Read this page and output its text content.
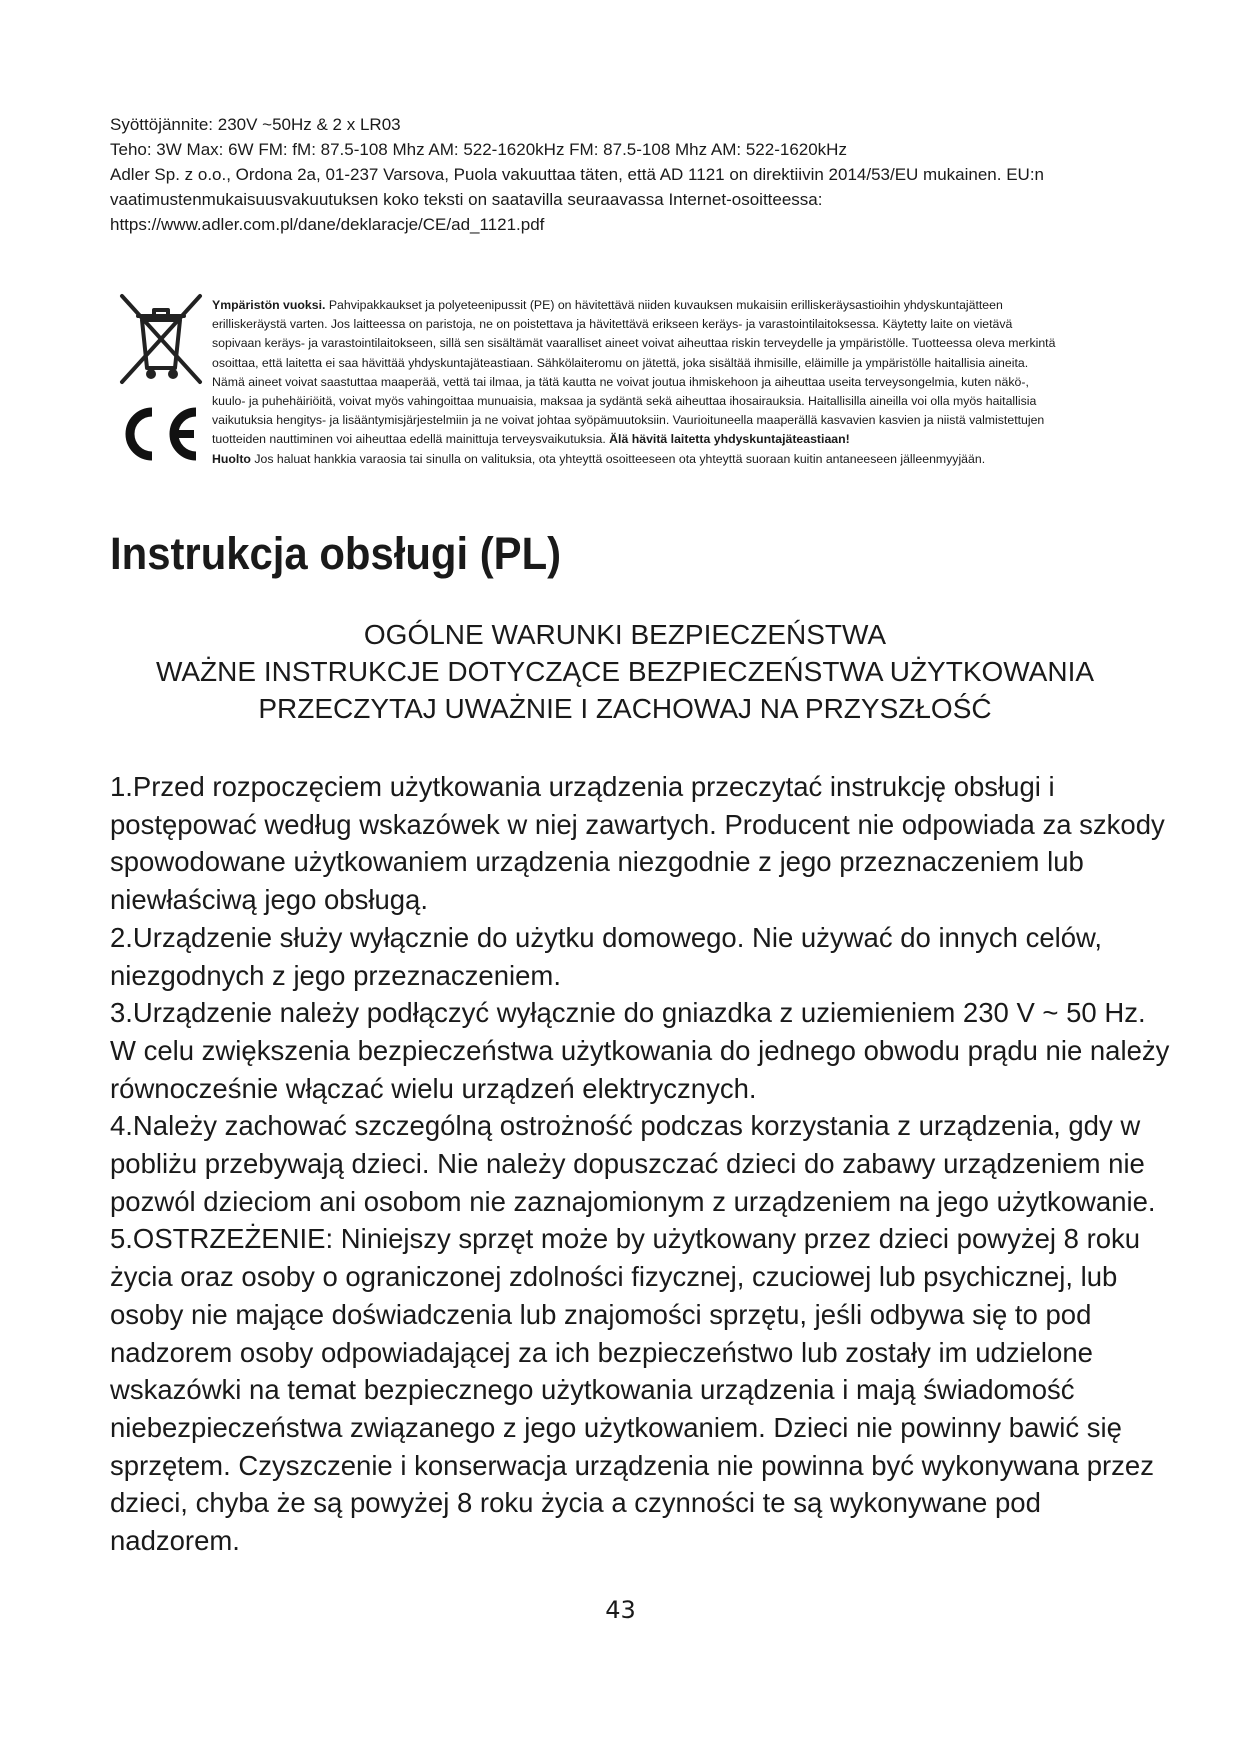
Syöttöjännite: 230V ~50Hz & 2 x LR03
Teho: 3W Max: 6W FM: fM: 87.5-108 Mhz AM: 522-1620kHz FM: 87.5-108 Mhz AM: 522-1620kHz
Adler Sp. z o.o., Ordona 2a, 01-237 Varsova, Puola vakuuttaa täten, että AD 1121 on direktiivin 2014/53/EU mukainen. EU:n
vaatimustenmukaisuusvakuutuksen koko teksti on saatavilla seuraavassa Internet-osoitteessa:
https://www.adler.com.pl/dane/deklaracje/CE/ad_1121.pdf
Ympäristön vuoksi. Pahvipakkaukset ja polyeteenipussit (PE) on hävitettävä niiden kuvauksen mukaisiin erilliskeräysastioihin yhdyskuntajätteen
erilliskeräystä varten. Jos laitteessa on paristoja, ne on poistettava ja hävitettävä erikseen keräys- ja varastointilaitoksessa. Käytetty laite on vietävä
sopivaan keräys- ja varastointilaitokseen, sillä sen sisältämät vaaralliset aineet voivat aiheuttaa riskin terveydelle ja ympäristölle. Tuotteessa oleva merkintä
osoittaa, että laitetta ei saa hävittää yhdyskuntajäteastiaan. Sähkölaiteromu on jätettä, joka sisältää ihmisille, eläimille ja ympäristölle haitallisia aineita.
Nämä aineet voivat saastuttaa maaperää, vettä tai ilmaa, ja tätä kautta ne voivat joutua ihmiskehoon ja aiheuttaa useita terveysongelmia, kuten näkö-,
kuulo- ja puhehäiriöitä, voivat myös vahingoittaa munuaisia, maksaa ja sydäntä sekä aiheuttaa ihosairauksia. Haitallisilla aineilla voi olla myös haitallisia
vaikutuksia hengitys- ja lisääntymisjärjestelmiin ja ne voivat johtaa syöpämuutoksiin. Vaurioituneella maaperällä kasvavien kasvien ja niistä valmistettujen
tuotteiden nauttiminen voi aiheuttaa edellä mainittuja terveysvaikutuksia. Älä hävitä laitetta yhdyskuntajäteastiaan!
Huolto Jos haluat hankkia varaosia tai sinulla on valituksia, ota yhteyttä osoitteeseen ota yhteyttä suoraan kuitin antaneeseen jälleenmyyjään.
Instrukcja obsługi (PL)
OGÓLNE WARUNKI BEZPIECZEŃSTWA
WAŻNE INSTRUKCJE DOTYCZĄCE BEZPIECZEŃSTWA UŻYTKOWANIA
PRZECZYTAJ UWAŻNIE I ZACHOWAJ NA PRZYSZŁOŚĆ
1.Przed rozpoczęciem użytkowania urządzenia przeczytać instrukcję obsługi i
postępować według wskazówek w niej zawartych. Producent nie odpowiada za szkody
spowodowane użytkowaniem urządzenia niezgodnie z jego przeznaczeniem lub
niewłaściwą jego obsługą.
2.Urządzenie służy wyłącznie do użytku domowego. Nie używać do innych celów,
niezgodnych z jego przeznaczeniem.
3.Urządzenie należy podłączyć wyłącznie do gniazdka z uziemieniem 230 V ~ 50 Hz.
W celu zwiększenia bezpieczeństwa użytkowania do jednego obwodu prądu nie należy
równocześnie włączać wielu urządzeń elektrycznych.
4.Należy zachować szczególną ostrożność podczas korzystania z urządzenia, gdy w
pobliżu przebywają dzieci. Nie należy dopuszczać dzieci do zabawy urządzeniem nie
pozwól dzieciom ani osobom nie zaznajomionym z urządzeniem na jego użytkowanie.
5.OSTRZEŻENIE: Niniejszy sprzęt może by użytkowany przez dzieci powyżej 8 roku
życia oraz osoby o ograniczonej zdolności fizycznej, czuciowej lub psychicznej, lub
osoby nie mające doświadczenia lub znajomości sprzętu, jeśli odbywa się to pod
nadzorem osoby odpowiadającej za ich bezpieczeństwo lub zostały im udzielone
wskazówki na temat bezpiecznego użytkowania urządzenia i mają świadomość
niebezpieczeństwa związanego z jego użytkowaniem. Dzieci nie powinny bawić się
sprzętem. Czyszczenie i konserwacja urządzenia nie powinna być wykonywana przez
dzieci, chyba że są powyżej 8 roku życia a czynności te są wykonywane pod
nadzorem.
43
